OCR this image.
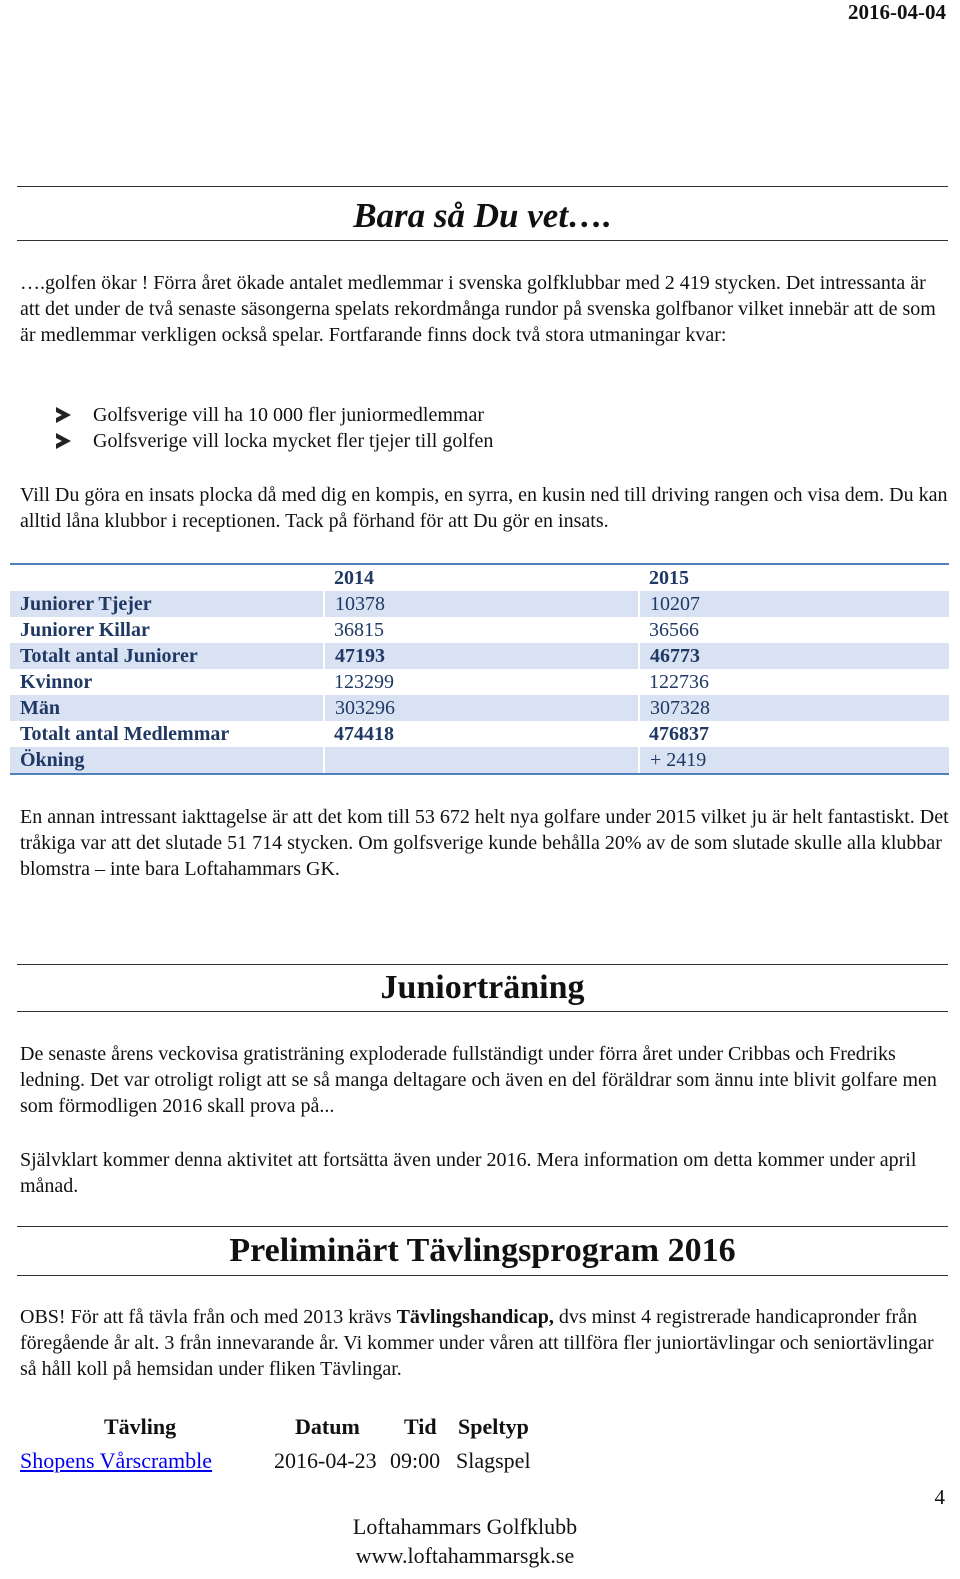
2016-04-04
Bara så Du vet….

….golfen ökar ! Förra året ökade antalet medlemmar i svenska golfklubbar med 2 419 stycken. Det intressanta är att det under de två senaste säsongerna spelats rekordmånga rundor på svenska golfbanor vilket innebär att de som är medlemmar verkligen också spelar. Fortfarande finns dock två stora utmaningar kvar:

Golfsverige vill ha 10 000 fler juniormedlemmar
Golfsverige vill locka mycket fler tjejer till golfen

Vill Du göra en insats plocka då med dig en kompis, en syrra, en kusin ned till driving rangen och visa dem. Du kan alltid låna klubbor i receptionen. Tack på förhand för att Du gör en insats.

	2014	2015
Juniorer Tjejer	10378	10207
Juniorer Killar	36815	36566
Totalt antal Juniorer	47193	46773
Kvinnor	123299	122736
Män	303296	307328
Totalt antal Medlemmar	474418	476837
Ökning		+ 2419

En annan intressant iakttagelse är att det kom till 53 672 helt nya golfare under 2015 vilket ju är helt fantastiskt. Det tråkiga var att det slutade 51 714 stycken. Om golfsverige kunde behålla 20% av de som slutade skulle alla klubbar blomstra – inte bara Loftahammars GK.

Juniorträning

De senaste årens veckovisa gratisträning exploderade fullständigt under förra året under Cribbas och Fredriks ledning. Det var otroligt roligt att se så manga deltagare och även en del föräldrar som ännu inte blivit golfare men som förmodligen 2016 skall prova på...

Självklart kommer denna aktivitet att fortsätta även under 2016. Mera information om detta kommer under april månad.

Preliminärt Tävlingsprogram 2016

OBS! För att få tävla från och med 2013 krävs Tävlingshandicap, dvs minst 4 registrerade handicapronder från föregående år alt. 3 från innevarande år. Vi kommer under våren att tillföra fler juniortävlingar och seniortävlingar så håll koll på hemsidan under fliken Tävlingar.

Tävling	Datum Tid Speltyp
Shopens Vårscramble	2016-04-23 09:00 Slagspel
4
Loftahammars Golfklubb
www.loftahammarsgk.se
